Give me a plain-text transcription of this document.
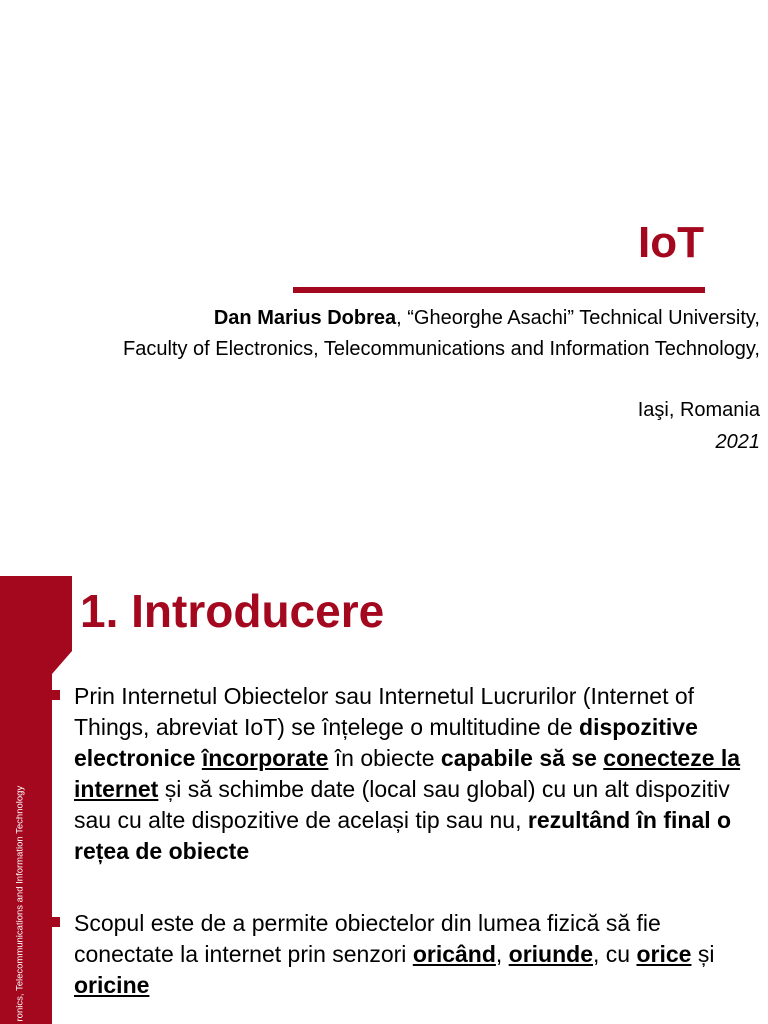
IoT
Dan Marius Dobrea, “Gheorghe Asachi” Technical University,
Faculty of Electronics, Telecommunications and Information Technology,
Iaşi, Romania
2021
ronics, Telecommunications and Information Technology
1. Introducere
Prin Internetul Obiectelor sau Internetul Lucrurilor (Internet of Things, abreviat IoT) se înțelege o multitudine de dispozitive electronice încorporate în obiecte capabile să se conecteze la internet și să schimbe date (local sau global) cu un alt dispozitiv sau cu alte dispozitive de același tip sau nu, rezultând în final o rețea de obiecte
Scopul este de a permite obiectelor din lumea fizică să fie conectate la internet prin senzori oricând, oriunde, cu orice și oricine
